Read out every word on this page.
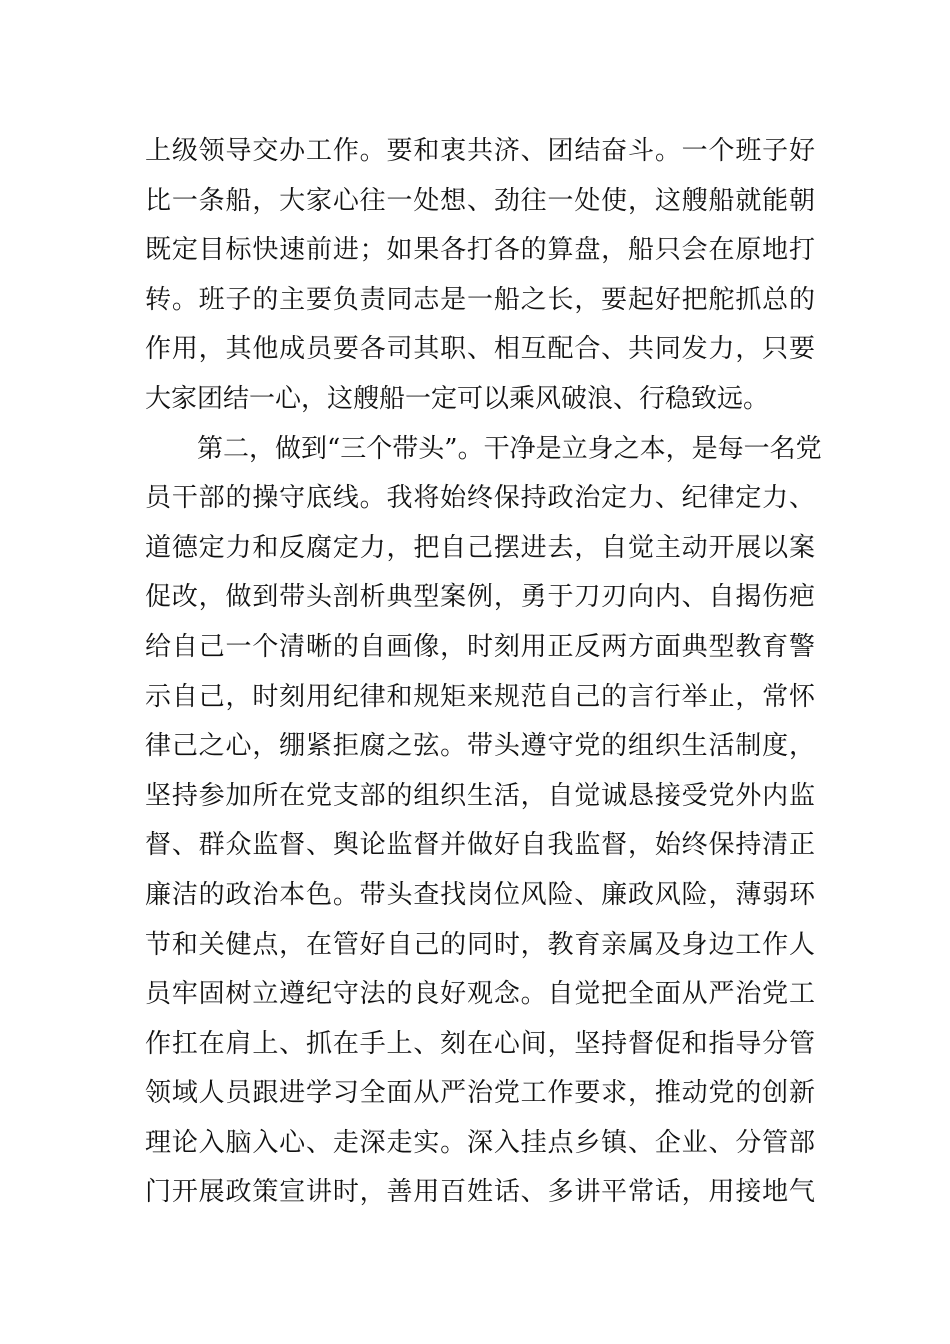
上级领导交办工作。要和衷共济、团结奋斗。一个班子好
比一条船，大家心往一处想、劲往一处使，这艘船就能朝
既定目标快速前进；如果各打各的算盘，船只会在原地打
转。班子的主要负责同志是一船之长，要起好把舵抓总的
作用，其他成员要各司其职、相互配合、共同发力，只要
大家团结一心，这艘船一定可以乘风破浪、行稳致远。
第二，做到“三个带头”。干净是立身之本，是每一名党
员干部的操守底线。我将始终保持政治定力、纪律定力、
道德定力和反腐定力，把自己摆进去，自觉主动开展以案
促改，做到带头剖析典型案例，勇于刀刃向内、自揭伤疤
给自己一个清晰的自画像，时刻用正反两方面典型教育警
示自己，时刻用纪律和规矩来规范自己的言行举止，常怀
律己之心，绷紧拒腐之弦。带头遵守党的组织生活制度，
坚持参加所在党支部的组织生活，自觉诚恳接受党外内监
督、群众监督、舆论监督并做好自我监督，始终保持清正
廉洁的政治本色。带头查找岗位风险、廉政风险，薄弱环
节和关健点，在管好自己的同时，教育亲属及身边工作人
员牢固树立遵纪守法的良好观念。自觉把全面从严治党工
作扛在肩上、抓在手上、刻在心间，坚持督促和指导分管
领域人员跟进学习全面从严治党工作要求，推动党的创新
理论入脑入心、走深走实。深入挂点乡镇、企业、分管部
门开展政策宣讲时，善用百姓话、多讲平常话，用接地气
